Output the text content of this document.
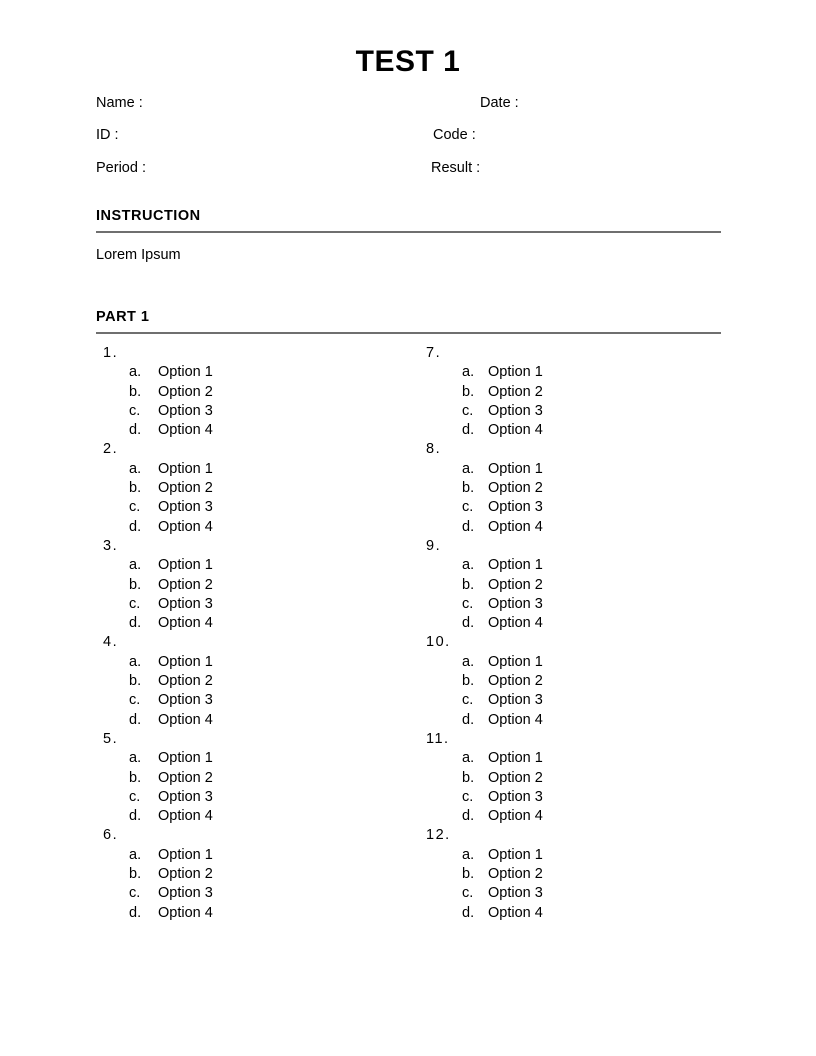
TEST 1
Name :	Date :
ID :	Code :
Period :	Result :
INSTRUCTION
Lorem Ipsum
PART 1
1.
a.	Option 1
b.	Option 2
c.	Option 3
d.	Option 4
2.
a.	Option 1
b.	Option 2
c.	Option 3
d.	Option 4
3.
a.	Option 1
b.	Option 2
c.	Option 3
d.	Option 4
4.
a.	Option 1
b.	Option 2
c.	Option 3
d.	Option 4
5.
a.	Option 1
b.	Option 2
c.	Option 3
d.	Option 4
6.
a.	Option 1
b.	Option 2
c.	Option 3
d.	Option 4
7.
a. Option 1
b. Option 2
c.	Option 3
d. Option 4
8.
a. Option 1
b. Option 2
c.	Option 3
d. Option 4
9.
a. Option 1
b. Option 2
c.	Option 3
d. Option 4
10.
a. Option 1
b. Option 2
c.	Option 3
d. Option 4
11.
a. Option 1
b. Option 2
c.	Option 3
d. Option 4
12.
a. Option 1
b. Option 2
c.	Option 3
d. Option 4
